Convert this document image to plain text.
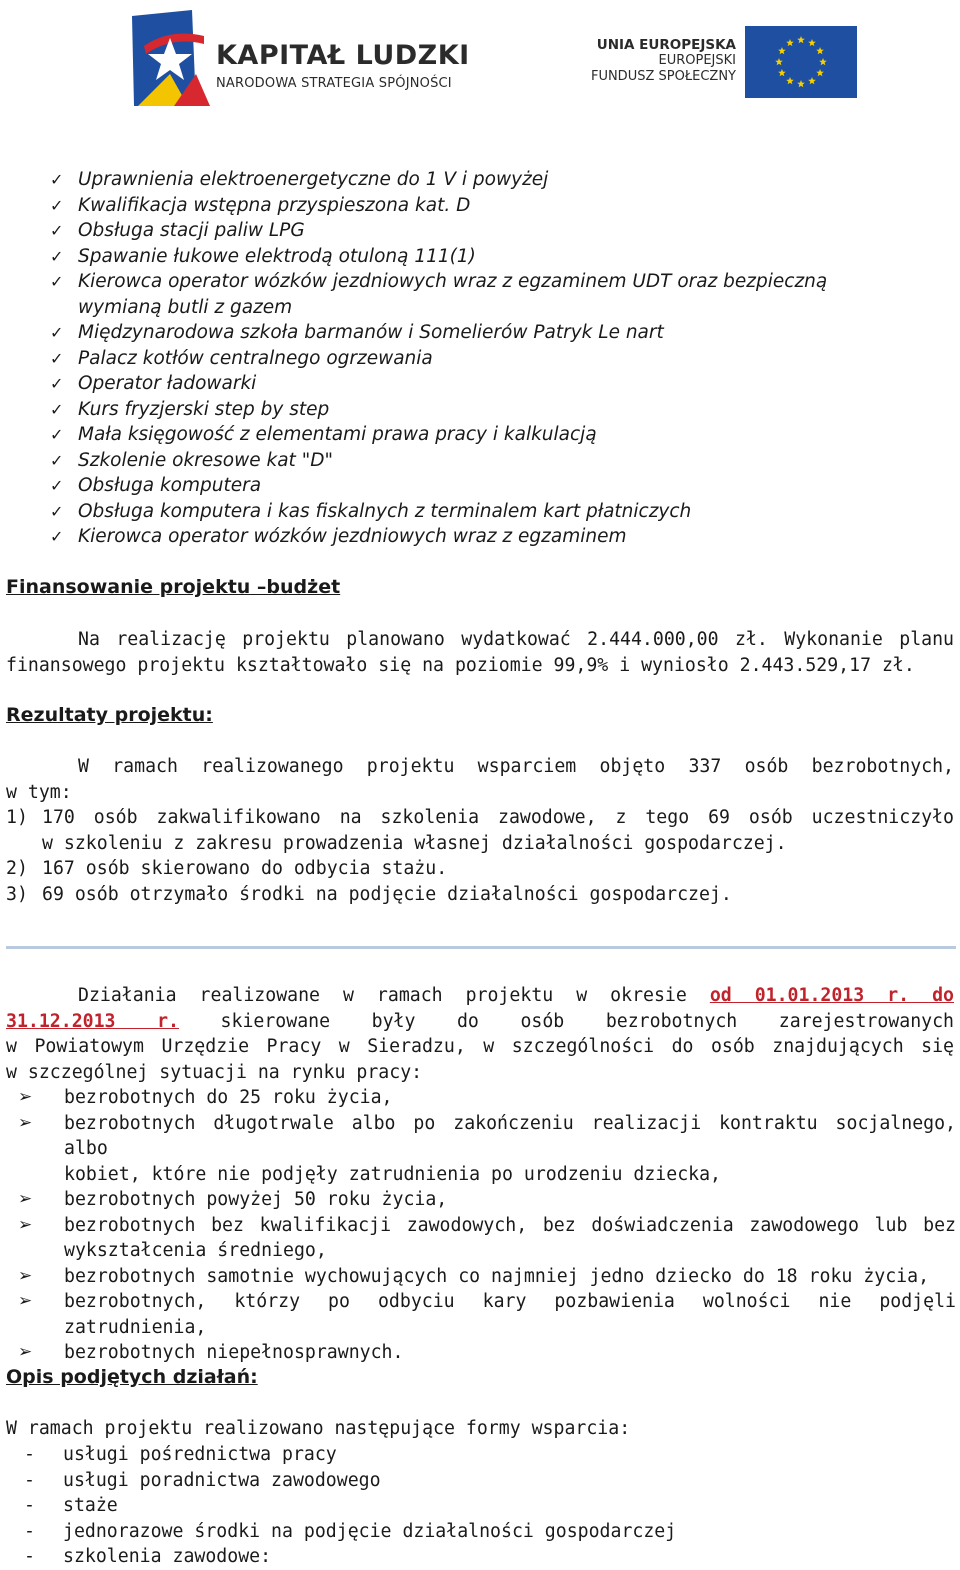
KAPITAŁ LUDZKI
NARODOWA STRATEGIA SPÓJNOŚCI
UNIA EUROPEJSKA
EUROPEJSKI
FUNDUSZ SPOŁECZNY
✓ Uprawnienia elektroenergetyczne do 1 V i powyżej
✓ Kwalifikacja wstępna przyspieszona kat. D
✓ Obsługa stacji paliw LPG
✓ Spawanie łukowe elektrodą otuloną 111(1)
✓ Kierowca operator wózków jezdniowych wraz z egzaminem UDT oraz bezpieczną
wymianą butli z gazem
✓ Międzynarodowa szkoła barmanów i Somelierów Patryk Le nart
✓ Palacz kotłów centralnego ogrzewania
✓ Operator ładowarki
✓ Kurs fryzjerski step by step
✓ Mała księgowość z elementami prawa pracy i kalkulacją
✓ Szkolenie okresowe kat "D"
✓ Obsługa komputera
✓ Obsługa komputera i kas fiskalnych z terminalem kart płatniczych
✓ Kierowca operator wózków jezdniowych wraz z egzaminem
Finansowanie projektu –budżet
Na realizację projektu planowano wydatkować 2.444.000,00 zł. Wykonanie planu
finansowego projektu kształtowało się na poziomie 99,9% i wyniosło 2.443.529,17 zł.
Rezultaty projektu:
W ramach realizowanego projektu wsparciem objęto 337 osób bezrobotnych,
w tym:
1) 170 osób zakwalifikowano na szkolenia zawodowe, z tego 69 osób uczestniczyło
w szkoleniu z zakresu prowadzenia własnej działalności gospodarczej.
2) 167 osób skierowano do odbycia stażu.
3) 69 osób otrzymało środki na podjęcie działalności gospodarczej.
Działania realizowane w ramach projektu w okresie od 01.01.2013 r. do
31.12.2013 r. skierowane były do osób bezrobotnych zarejestrowanych
w Powiatowym Urzędzie Pracy w Sieradzu, w szczególności do osób znajdujących się
w szczególnej sytuacji na rynku pracy:
➢ bezrobotnych do 25 roku życia,
➢ bezrobotnych długotrwale albo po zakończeniu realizacji kontraktu socjalnego, albo
kobiet, które nie podjęły zatrudnienia po urodzeniu dziecka,
➢ bezrobotnych powyżej 50 roku życia,
➢ bezrobotnych bez kwalifikacji zawodowych, bez doświadczenia zawodowego lub bez
wykształcenia średniego,
➢ bezrobotnych samotnie wychowujących co najmniej jedno dziecko do 18 roku życia,
➢ bezrobotnych, którzy po odbyciu kary pozbawienia wolności nie podjęli
zatrudnienia,
➢ bezrobotnych niepełnosprawnych.
Opis podjętych działań:
W ramach projektu realizowano następujące formy wsparcia:
- usługi pośrednictwa pracy
- usługi poradnictwa zawodowego
- staże
- jednorazowe środki na podjęcie działalności gospodarczej
- szkolenia zawodowe:
